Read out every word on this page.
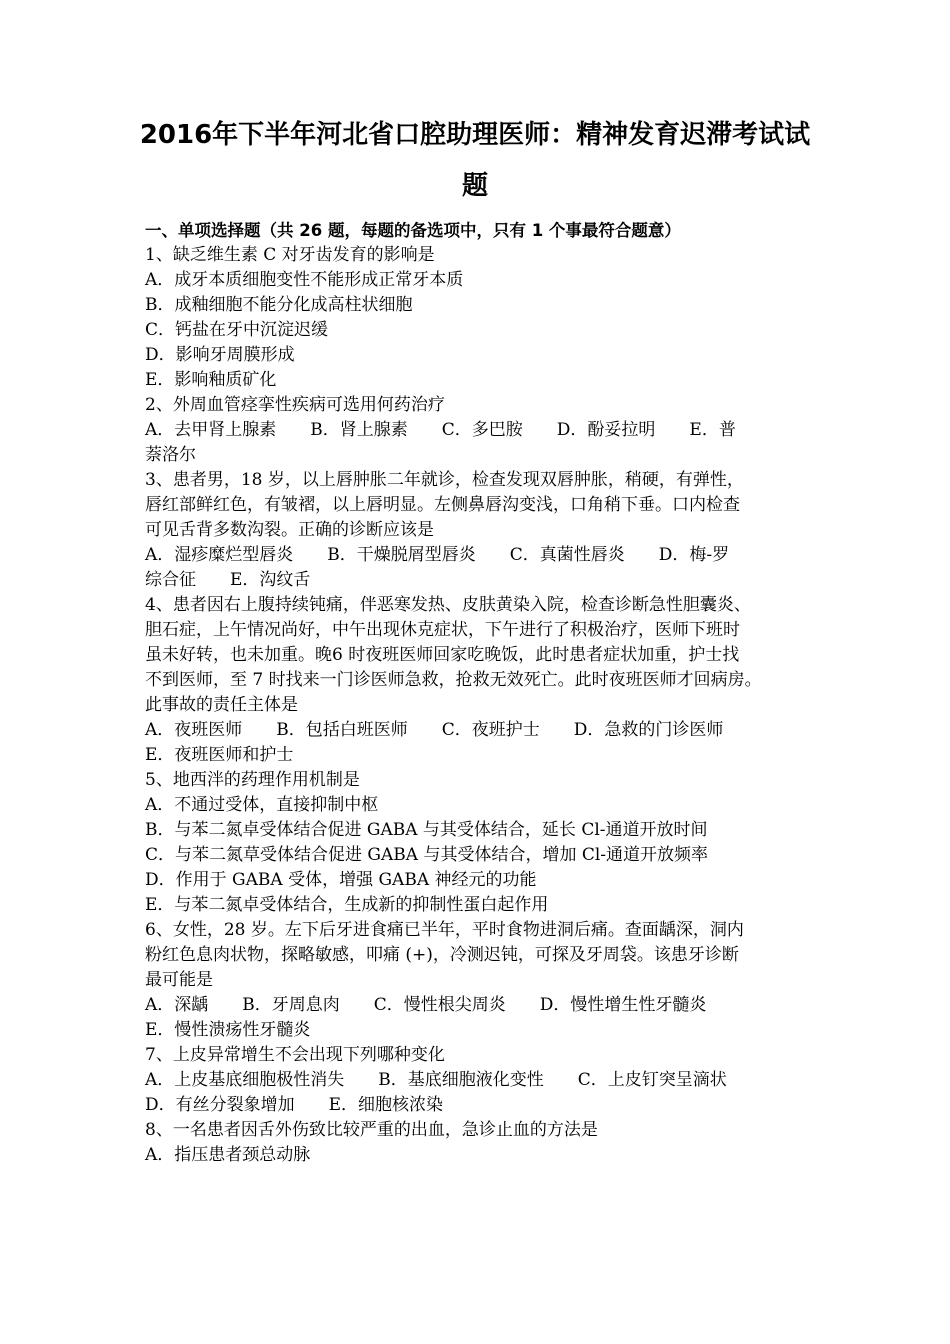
2016年下半年河北省口腔助理医师：精神发育迟滞考试试
题
一、单项选择题（共 26 题，每题的备选项中，只有 1 个事最符合题意）
1、缺乏维生素 C 对牙齿发育的影响是
A．成牙本质细胞变性不能形成正常牙本质
B．成釉细胞不能分化成高柱状细胞
C．钙盐在牙中沉淀迟缓
D．影响牙周膜形成
E．影响釉质矿化
2、外周血管痉挛性疾病可选用何药治疗
A．去甲肾上腺素　　B．肾上腺素　　C．多巴胺　　D．酚妥拉明　　E．普
萘洛尔
3、患者男，18 岁，以上唇肿胀二年就诊，检查发现双唇肿胀，稍硬，有弹性，
唇红部鲜红色，有皱褶，以上唇明显。左侧鼻唇沟变浅，口角稍下垂。口内检查
可见舌背多数沟裂。正确的诊断应该是
A．湿疹糜烂型唇炎　　B．干燥脱屑型唇炎　　C．真菌性唇炎　　D．梅-罗
综合征　　E．沟纹舌
4、患者因右上腹持续钝痛，伴恶寒发热、皮肤黄染入院，检查诊断急性胆囊炎、
胆石症，上午情况尚好，中午出现休克症状，下午进行了积极治疗，医师下班时
虽未好转，也未加重。晚6 时夜班医师回家吃晚饭，此时患者症状加重，护士找
不到医师，至 7 时找来一门诊医师急救，抢救无效死亡。此时夜班医师才回病房。
此事故的责任主体是
A．夜班医师　　B．包括白班医师　　C．夜班护士　　D．急救的门诊医师
E．夜班医师和护士
5、地西泮的药理作用机制是
A．不通过受体，直接抑制中枢
B．与苯二氮卓受体结合促进 GABA 与其受体结合，延长 Cl-通道开放时间
C．与苯二氮草受体结合促进 GABA 与其受体结合，增加 Cl-通道开放频率
D．作用于 GABA 受体，增强 GABA 神经元的功能
E．与苯二氮卓受体结合，生成新的抑制性蛋白起作用
6、女性，28 岁。左下后牙进食痛已半年，平时食物进洞后痛。查面龋深，洞内
粉红色息肉状物，探略敏感，叩痛 (+)，冷测迟钝，可探及牙周袋。该患牙诊断
最可能是
A．深龋　　B．牙周息肉　　C．慢性根尖周炎　　D．慢性增生性牙髓炎
E．慢性溃疡性牙髓炎
7、上皮异常增生不会出现下列哪种变化
A．上皮基底细胞极性消失　　B．基底细胞液化变性　　C．上皮钉突呈滴状
D．有丝分裂象增加　　E．细胞核浓染
8、一名患者因舌外伤致比较严重的出血，急诊止血的方法是
A．指压患者颈总动脉
